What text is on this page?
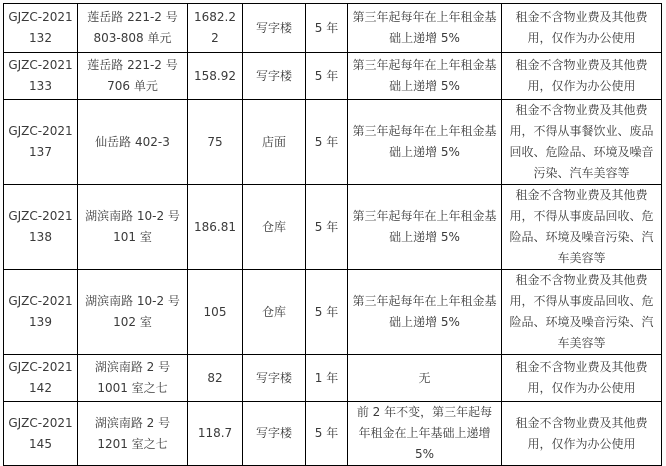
GJZC-2021 132	莲岳路 221-2 号 803-808 单元	1682.22	写字楼	5 年	第三年起每年在上年租金基础上递增 5%	租金不含物业费及其他费用，仅作为办公使用
GJZC-2021 133	莲岳路 221-2 号 706 单元	158.92	写字楼	5 年	第三年起每年在上年租金基础上递增 5%	租金不含物业费及其他费用，仅作为办公使用
GJZC-2021 137	仙岳路 402-3	75	店面	5 年	第三年起每年在上年租金基础上递增 5%	租金不含物业费及其他费用，不得从事餐饮业、废品回收、危险品、环境及噪音污染、汽车美容等
GJZC-2021 138	湖滨南路 10-2 号 101 室	186.81	仓库	5 年	第三年起每年在上年租金基础上递增 5%	租金不含物业费及其他费用，不得从事废品回收、危险品、环境及噪音污染、汽车美容等
GJZC-2021 139	湖滨南路 10-2 号 102 室	105	仓库	5 年	第三年起每年在上年租金基础上递增 5%	租金不含物业费及其他费用，不得从事废品回收、危险品、环境及噪音污染、汽车美容等
GJZC-2021 142	湖滨南路 2 号 1001 室之七	82	写字楼	1 年	无	租金不含物业费及其他费用，仅作为办公使用
GJZC-2021 145	湖滨南路 2 号 1201 室之七	118.7	写字楼	5 年	前 2 年不变，第三年起每年租金在上年基础上递增 5%	租金不含物业费及其他费用，仅作为办公使用
